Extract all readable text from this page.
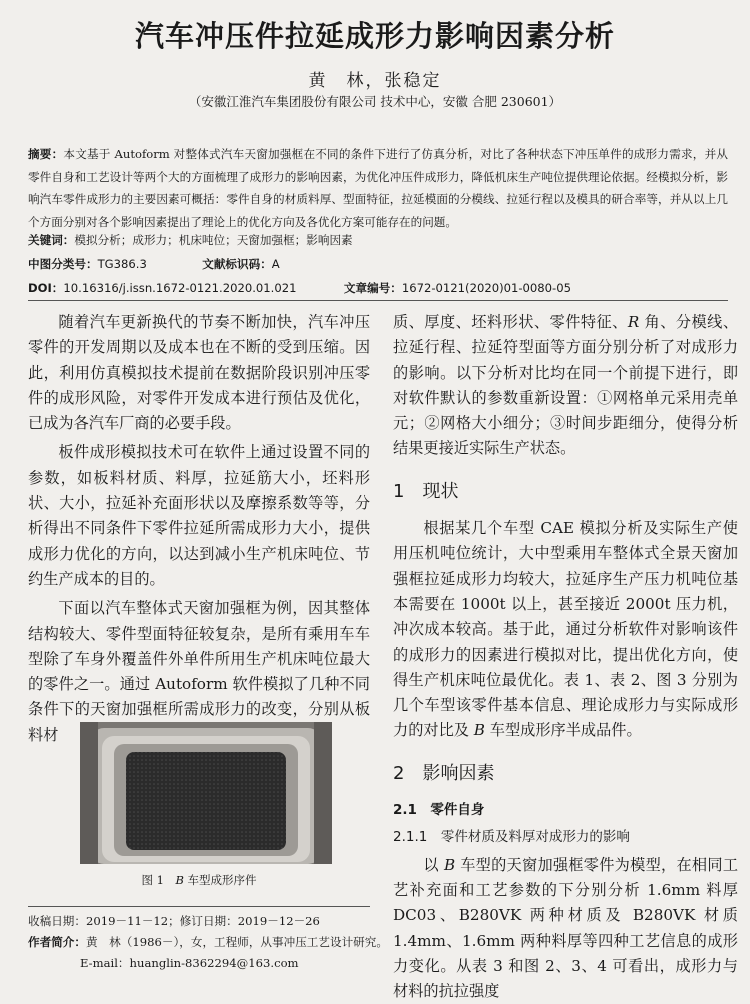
汽车冲压件拉延成形力影响因素分析
黄　林，张稳定
（安徽江淮汽车集团股份有限公司 技术中心，安徽 合肥 230601）
摘要：本文基于 Autoform 对整体式汽车天窗加强框在不同的条件下进行了仿真分析，对比了各种状态下冲压单件的成形力需求，并从零件自身和工艺设计等两个大的方面梳理了成形力的影响因素，为优化冲压件成形力，降低机床生产吨位提供理论依据。经模拟分析，影响汽车零件成形力的主要因素可概括：零件自身的材质料厚、型面特征，拉延模面的分模线、拉延行程以及模具的研合率等，并从以上几个方面分别对各个影响因素提出了理论上的优化方向及各优化方案可能存在的问题。
关键词：模拟分析；成形力；机床吨位；天窗加强框；影响因素
中图分类号：TG386.3	文献标识码：A
DOI：10.16316/j.issn.1672-0121.2020.01.021	文章编号：1672-0121(2020)01-0080-05

随着汽车更新换代的节奏不断加快，汽车冲压零件的开发周期以及成本也在不断的受到压缩。因此，利用仿真模拟技术提前在数据阶段识别冲压零件的成形风险，对零件开发成本进行预估及优化，已成为各汽车厂商的必要手段。

板件成形模拟技术可在软件上通过设置不同的参数，如板料材质、料厚，拉延筋大小，坯料形状、大小，拉延补充面形状以及摩擦系数等等，分析得出不同条件下零件拉延所需成形力大小，提供成形力优化的方向，以达到减小生产机床吨位、节约生产成本的目的。

下面以汽车整体式天窗加强框为例，因其整体结构较大、零件型面特征较复杂，是所有乘用车车型除了车身外覆盖件外单件所用生产机床吨位最大的零件之一。通过 Autoform 软件模拟了几种不同条件下的天窗加强框所需成形力的改变，分别从板料材

图 1　B 车型成形序件
收稿日期：2019－11－12；修订日期：2019－12－26
作者简介：黄　林（1986－），女，工程师，从事冲压工艺设计研究。
E-mail：huanglin-8362294@163.com

质、厚度、坯料形状、零件特征、R 角、分模线、拉延行程、拉延符型面等方面分别分析了对成形力的影响。以下分析对比均在同一个前提下进行，即对软件默认的参数重新设置：①网格单元采用壳单元；②网格大小细分；③时间步距细分，使得分析结果更接近实际生产状态。

1　现状

根据某几个车型 CAE 模拟分析及实际生产使用压机吨位统计，大中型乘用车整体式全景天窗加强框拉延成形力均较大，拉延序生产压力机吨位基本需要在 1000t 以上，甚至接近 2000t 压力机，冲次成本较高。基于此，通过分析软件对影响该件的成形力的因素进行模拟对比，提出优化方向，使得生产机床吨位最优化。表 1、表 2、图 3 分别为几个车型该零件基本信息、理论成形力与实际成形力的对比及 B 车型成形序半成品件。

2　影响因素
2.1　零件自身
2.1.1　零件材质及料厚对成形力的影响

以 B 车型的天窗加强框零件为模型，在相同工艺补充面和工艺参数的下分别分析 1.6mm 料厚 DC03、B280VK 两种材质及 B280VK 材质 1.4mm、1.6mm 两种料厚等四种工艺信息的成形力变化。从表 3 和图 2、3、4 可看出，成形力与材料的抗拉强度
